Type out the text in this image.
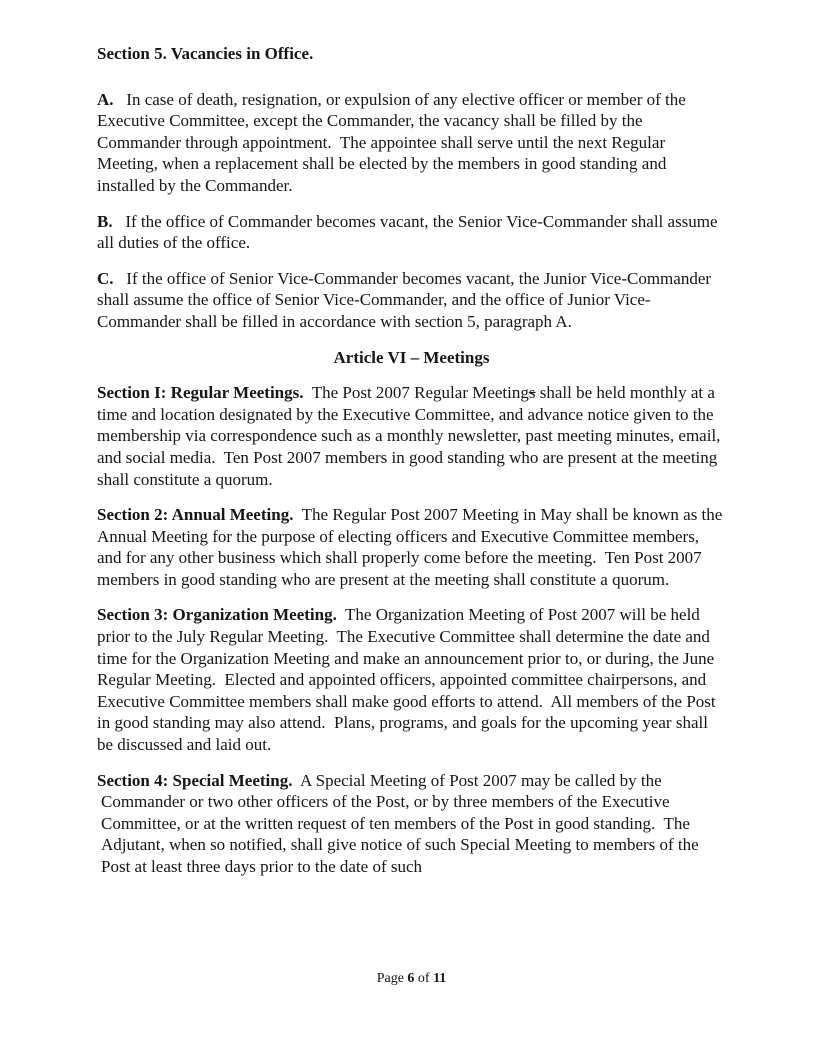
Section 5. Vacancies in Office.

A.   In case of death, resignation, or expulsion of any elective officer or member of the Executive Committee, except the Commander, the vacancy shall be filled by the Commander through appointment.  The appointee shall serve until the next Regular Meeting, when a replacement shall be elected by the members in good standing and installed by the Commander.

B.   If the office of Commander becomes vacant, the Senior Vice-Commander shall assume all duties of the office.

C.   If the office of Senior Vice-Commander becomes vacant, the Junior Vice-Commander shall assume the office of Senior Vice-Commander, and the office of Junior Vice-Commander shall be filled in accordance with section 5, paragraph A.

Article VI – Meetings

Section I: Regular Meetings.  The Post 2007 Regular Meetings shall be held monthly at a time and location designated by the Executive Committee, and advance notice given to the membership via correspondence such as a monthly newsletter, past meeting minutes, email, and social media.  Ten Post 2007 members in good standing who are present at the meeting shall constitute a quorum.

Section 2: Annual Meeting.  The Regular Post 2007 Meeting in May shall be known as the Annual Meeting for the purpose of electing officers and Executive Committee members, and for any other business which shall properly come before the meeting.  Ten Post 2007 members in good standing who are present at the meeting shall constitute a quorum.

Section 3: Organization Meeting.  The Organization Meeting of Post 2007 will be held prior to the July Regular Meeting.  The Executive Committee shall determine the date and time for the Organization Meeting and make an announcement prior to, or during, the June Regular Meeting.  Elected and appointed officers, appointed committee chairpersons, and Executive Committee members shall make good efforts to attend.  All members of the Post in good standing may also attend.  Plans, programs, and goals for the upcoming year shall be discussed and laid out.

Section 4: Special Meeting.  A Special Meeting of Post 2007 may be called by the Commander or two other officers of the Post, or by three members of the Executive Committee, or at the written request of ten members of the Post in good standing.  The Adjutant, when so notified, shall give notice of such Special Meeting to members of the Post at least three days prior to the date of such

Page 6 of 11
